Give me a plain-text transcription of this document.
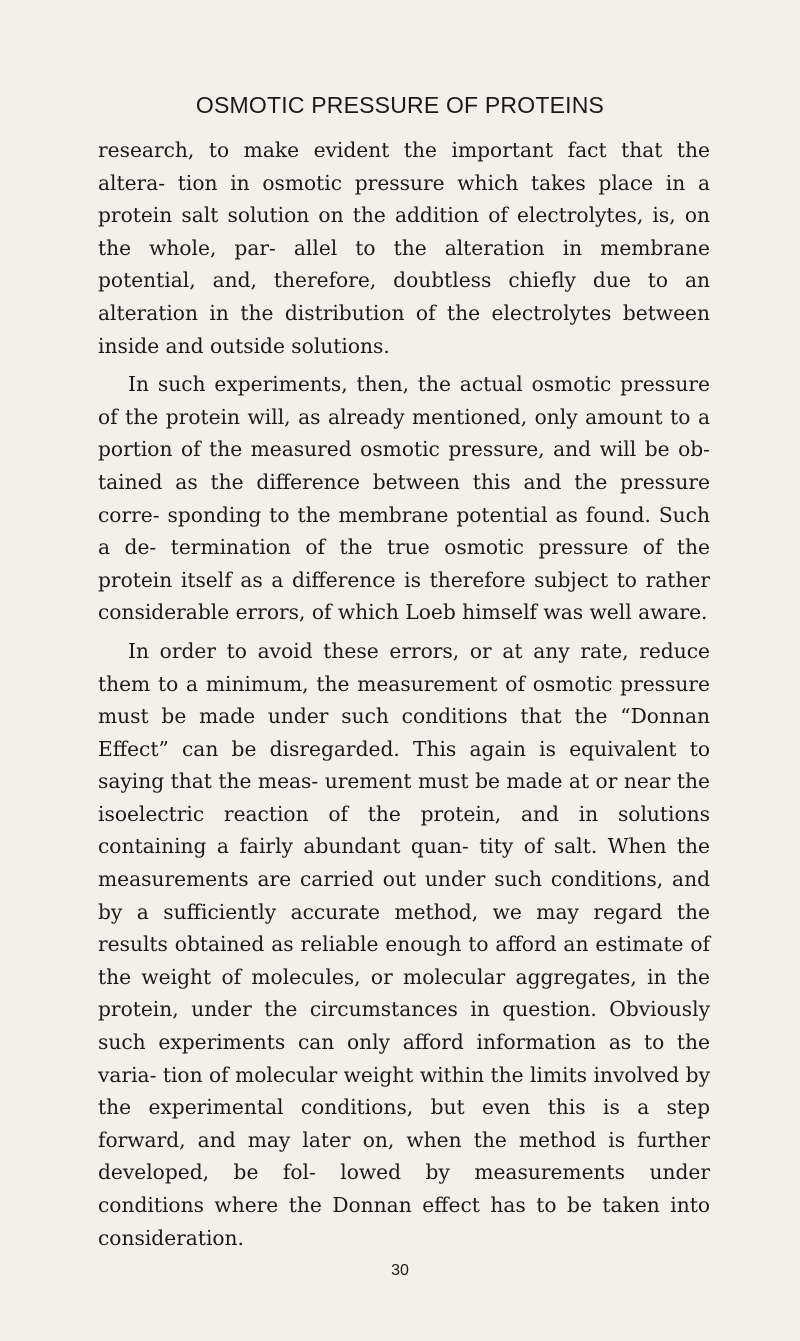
OSMOTIC PRESSURE OF PROTEINS

research, to make evident the important fact that the altera- tion in osmotic pressure which takes place in a protein salt solution on the addition of electrolytes, is, on the whole, par- allel to the alteration in membrane potential, and, therefore, doubtless chiefly due to an alteration in the distribution of the electrolytes between inside and outside solutions.

In such experiments, then, the actual osmotic pressure of the protein will, as already mentioned, only amount to a portion of the measured osmotic pressure, and will be ob- tained as the difference between this and the pressure corre- sponding to the membrane potential as found. Such a de- termination of the true osmotic pressure of the protein itself as a difference is therefore subject to rather considerable errors, of which Loeb himself was well aware.

In order to avoid these errors, or at any rate, reduce them to a minimum, the measurement of osmotic pressure must be made under such conditions that the “Donnan Effect” can be disregarded. This again is equivalent to saying that the meas- urement must be made at or near the isoelectric reaction of the protein, and in solutions containing a fairly abundant quan- tity of salt. When the measurements are carried out under such conditions, and by a sufficiently accurate method, we may regard the results obtained as reliable enough to afford an estimate of the weight of molecules, or molecular aggregates, in the protein, under the circumstances in question. Obviously such experiments can only afford information as to the varia- tion of molecular weight within the limits involved by the experimental conditions, but even this is a step forward, and may later on, when the method is further developed, be fol- lowed by measurements under conditions where the Donnan effect has to be taken into consideration.

30
